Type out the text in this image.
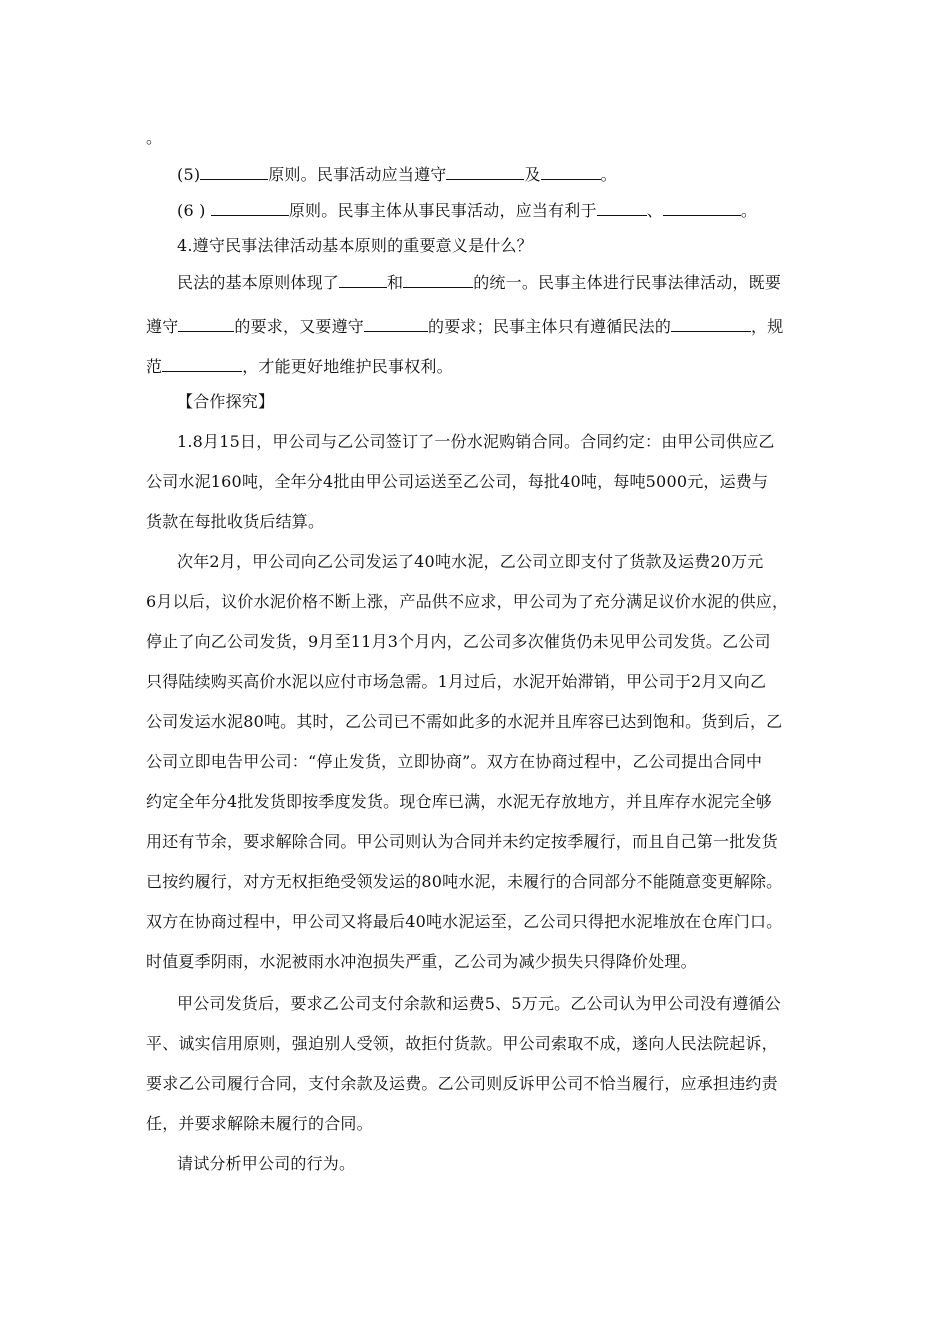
。
(5)	原则。民事活动应当遵守	及	。
(6 )	原则。民事主体从事民事活动，应当有利于	、	。
4.遵守民事法律活动基本原则的重要意义是什么？
民法的基本原则体现了	和	的统一。民事主体进行民事法律活动，既要
遵守	的要求，又要遵守	的要求；民事主体只有遵循民法的	，规
范	，才能更好地维护民事权利。
【合作探究】
1.8月15日，甲公司与乙公司签订了一份水泥购销合同。合同约定：由甲公司供应乙
公司水泥160吨，全年分4批由甲公司运送至乙公司，每批40吨，每吨5000元，运费与
货款在每批收货后结算。
次年2月，甲公司向乙公司发运了40吨水泥，乙公司立即支付了货款及运费20万元
6月以后，议价水泥价格不断上涨，产品供不应求，甲公司为了充分满足议价水泥的供应，
停止了向乙公司发货，9月至11月3个月内，乙公司多次催货仍未见甲公司发货。乙公司
只得陆续购买高价水泥以应付市场急需。1月过后，水泥开始滞销，甲公司于2月又向乙
公司发运水泥80吨。其时，乙公司已不需如此多的水泥并且库容已达到饱和。货到后，乙
公司立即电告甲公司：“停止发货，立即协商”。双方在协商过程中，乙公司提出合同中
约定全年分4批发货即按季度发货。现仓库已满，水泥无存放地方，并且库存水泥完全够
用还有节余，要求解除合同。甲公司则认为合同并未约定按季履行，而且自己第一批发货
已按约履行，对方无权拒绝受领发运的80吨水泥，未履行的合同部分不能随意变更解除。
双方在协商过程中，甲公司又将最后40吨水泥运至，乙公司只得把水泥堆放在仓库门口。
时值夏季阴雨，水泥被雨水冲泡损失严重，乙公司为减少损失只得降价处理。
甲公司发货后，要求乙公司支付余款和运费5、5万元。乙公司认为甲公司没有遵循公
平、诚实信用原则，强迫别人受领，故拒付货款。甲公司索取不成，遂向人民法院起诉，
要求乙公司履行合同，支付余款及运费。乙公司则反诉甲公司不恰当履行，应承担违约责
任，并要求解除未履行的合同。
请试分析甲公司的行为。
